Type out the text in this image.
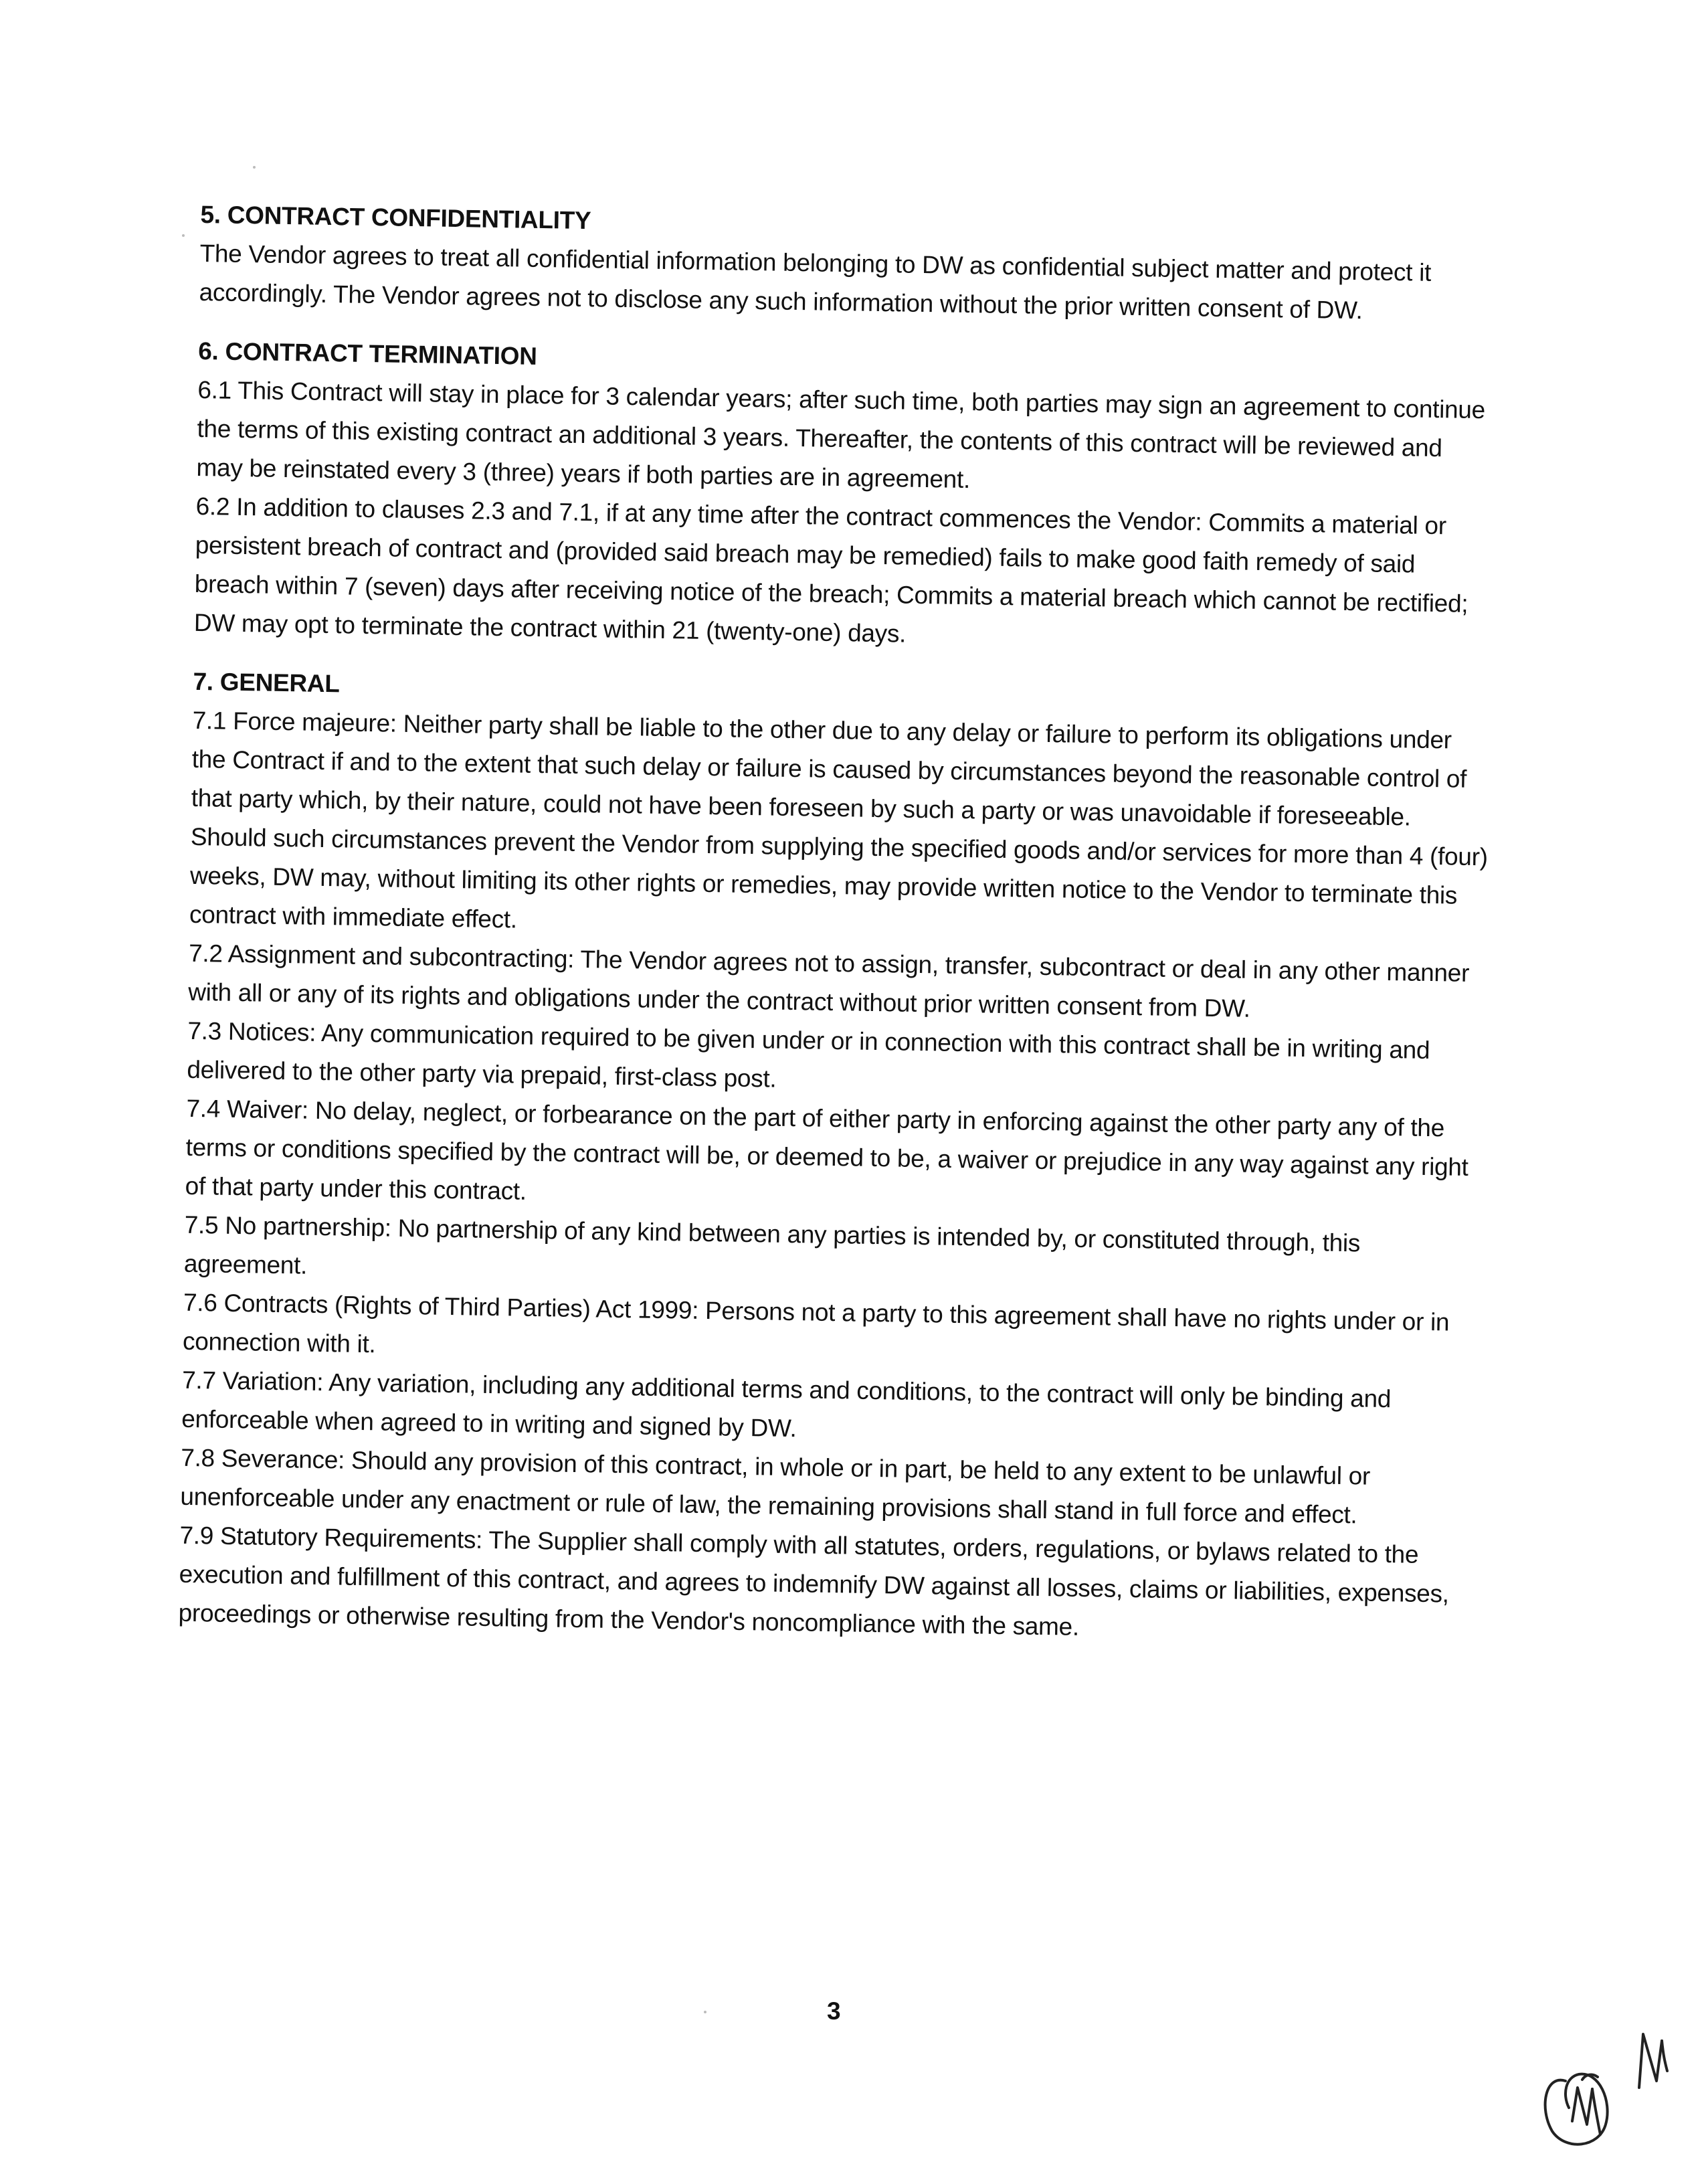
5. CONTRACT CONFIDENTIALITY

The Vendor agrees to treat all confidential information belonging to DW as confidential subject matter and protect it accordingly. The Vendor agrees not to disclose any such information without the prior written consent of DW.

6. CONTRACT TERMINATION

6.1 This Contract will stay in place for 3 calendar years; after such time, both parties may sign an agreement to continue the terms of this existing contract an additional 3 years. Thereafter, the contents of this contract will be reviewed and may be reinstated every 3 (three) years if both parties are in agreement.

6.2 In addition to clauses 2.3 and 7.1, if at any time after the contract commences the Vendor: Commits a material or persistent breach of contract and (provided said breach may be remedied) fails to make good faith remedy of said breach within 7 (seven) days after receiving notice of the breach; Commits a material breach which cannot be rectified; DW may opt to terminate the contract within 21 (twenty-one) days.

7. GENERAL

7.1 Force majeure: Neither party shall be liable to the other due to any delay or failure to perform its obligations under the Contract if and to the extent that such delay or failure is caused by circumstances beyond the reasonable control of that party which, by their nature, could not have been foreseen by such a party or was unavoidable if foreseeable. Should such circumstances prevent the Vendor from supplying the specified goods and/or services for more than 4 (four) weeks, DW may, without limiting its other rights or remedies, may provide written notice to the Vendor to terminate this contract with immediate effect.

7.2 Assignment and subcontracting: The Vendor agrees not to assign, transfer, subcontract or deal in any other manner with all or any of its rights and obligations under the contract without prior written consent from DW.

7.3 Notices: Any communication required to be given under or in connection with this contract shall be in writing and delivered to the other party via prepaid, first-class post.

7.4 Waiver: No delay, neglect, or forbearance on the part of either party in enforcing against the other party any of the terms or conditions specified by the contract will be, or deemed to be, a waiver or prejudice in any way against any right of that party under this contract.

7.5 No partnership: No partnership of any kind between any parties is intended by, or constituted through, this agreement.

7.6 Contracts (Rights of Third Parties) Act 1999: Persons not a party to this agreement shall have no rights under or in connection with it.

7.7 Variation: Any variation, including any additional terms and conditions, to the contract will only be binding and enforceable when agreed to in writing and signed by DW.

7.8 Severance: Should any provision of this contract, in whole or in part, be held to any extent to be unlawful or unenforceable under any enactment or rule of law, the remaining provisions shall stand in full force and effect.

7.9 Statutory Requirements: The Supplier shall comply with all statutes, orders, regulations, or bylaws related to the execution and fulfillment of this contract, and agrees to indemnify DW against all losses, claims or liabilities, expenses, proceedings or otherwise resulting from the Vendor's noncompliance with the same.

3
